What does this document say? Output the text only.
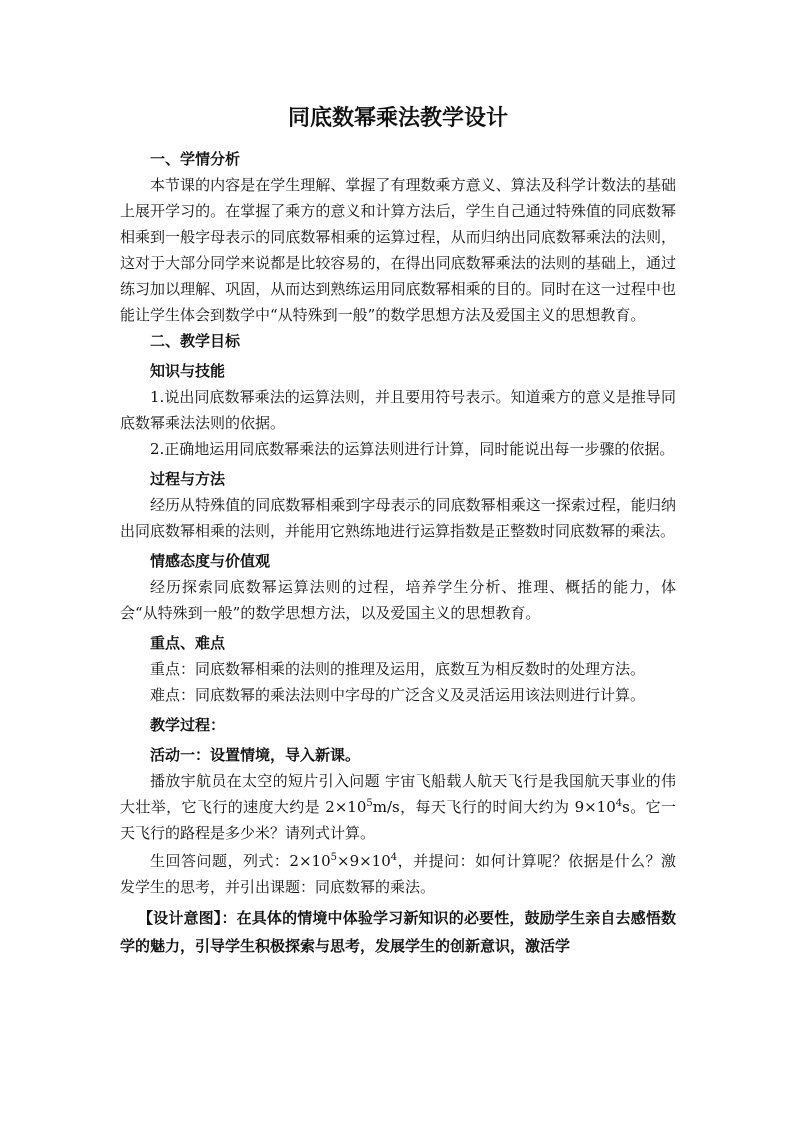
同底数幂乘法教学设计

一、学情分析

本节课的内容是在学生理解、掌握了有理数乘方意义、算法及科学计数法的基础上展开学习的。在掌握了乘方的意义和计算方法后，学生自己通过特殊值的同底数幂相乘到一般字母表示的同底数幂相乘的运算过程，从而归纳出同底数幂乘法的法则，这对于大部分同学来说都是比较容易的，在得出同底数幂乘法的法则的基础上，通过练习加以理解、巩固，从而达到熟练运用同底数幂相乘的目的。同时在这一过程中也能让学生体会到数学中“从特殊到一般”的数学思想方法及爱国主义的思想教育。

二、教学目标

知识与技能

1.说出同底数幂乘法的运算法则，并且要用符号表示。知道乘方的意义是推导同底数幂乘法法则的依据。

2.正确地运用同底数幂乘法的运算法则进行计算，同时能说出每一步骤的依据。

过程与方法

经历从特殊值的同底数幂相乘到字母表示的同底数幂相乘这一探索过程，能归纳出同底数幂相乘的法则，并能用它熟练地进行运算指数是正整数时同底数幂的乘法。

情感态度与价值观

经历探索同底数幂运算法则的过程，培养学生分析、推理、概括的能力，体会“从特殊到一般”的数学思想方法，以及爱国主义的思想教育。

重点、难点

重点：同底数幂相乘的法则的推理及运用，底数互为相反数时的处理方法。

难点：同底数幂的乘法法则中字母的广泛含义及灵活运用该法则进行计算。

教学过程：

活动一：设置情境，导入新课。

播放宇航员在太空的短片引入问题 宇宙飞船载人航天飞行是我国航天事业的伟大壮举，它飞行的速度大约是 $2\times 10^5m/s$，每天飞行的时间大约为 $9\times 10^4s$。它一天飞行的路程是多少米？请列式计算。

生回答问题，列式：$2\times 10^5\times 9\times 10^4$，并提问：如何计算呢？依据是什么？激发学生的思考，并引出课题：同底数幂的乘法。

【设计意图】：在具体的情境中体验学习新知识的必要性，鼓励学生亲自去感悟数学的魅力，引导学生积极探索与思考，发展学生的创新意识，激活学
